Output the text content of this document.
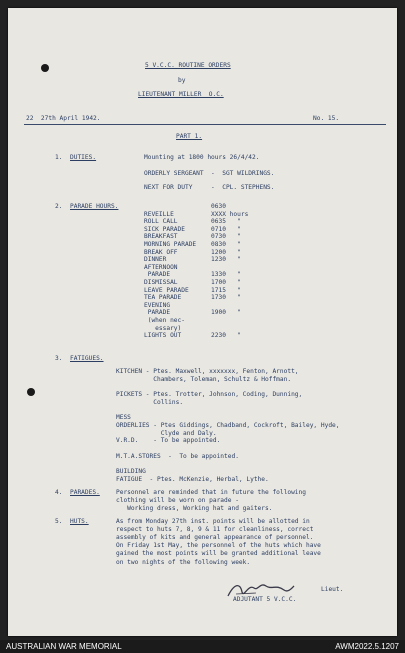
5 V.C.C. ROUTINE ORDERS
by
LIEUTENANT MILLER  O.C.
22  27th April 1942.	No. 15.
PART 1.
1. DUTIES.	Mounting at 1800 hours 26/4/42.
ORDERLY SERGEANT  -  SGT WILDRINGS.
NEXT FOR DUTY     -  CPL. STEPHENS.
2. PARADE HOURS.	0630
REVEILLE          XXXX hours
ROLL CALL         0635   "
SICK PARADE       0710   "
BREAKFAST         0730   "
MORNING PARADE    0830   "
BREAK OFF         1200   "
DINNER            1230   "
AFTERNOON
PARADE           1330   "
DISMISSAL         1700   "
LEAVE PARADE      1715   "
TEA PARADE        1730   "
EVENING
PARADE           1900   "
(when nec-
essary)
LIGHTS OUT        2230   "
3. FATIGUES.
KITCHEN - Ptes. Maxwell, xxxxxxx, Fenton, Arnott,
Chambers, Toleman, Schultz & Hoffman.
PICKETS - Ptes. Trotter, Johnson, Coding, Dunning,
Collins.
MESS
ORDERLIES - Ptes Giddings, Chadband, Cockroft, Bailey, Hyde,
Clyde and Daly.
V.R.D.    - To be appointed.
M.T.A.STORES  -  To be appointed.
BUILDING
FATIGUE  - Ptes. McKenzie, Herbal, Lythe.
4. PARADES.	Personnel are reminded that in future the following
clothing will be worn on parade -
Working dress, Working hat and gaiters.
5. HUTS.	As from Monday 27th inst. points will be allotted in
respect to huts 7, 8, 9 & 11 for cleanliness, correct
assembly of kits and general appearance of personnel.
On Friday 1st May, the personnel of the huts which have
gained the most points will be granted additional leave
on two nights of the following week.
Lieut.
ADJUTANT 5 V.C.C.
AUSTRALIAN WAR MEMORIAL	AWM2022.5.1207
